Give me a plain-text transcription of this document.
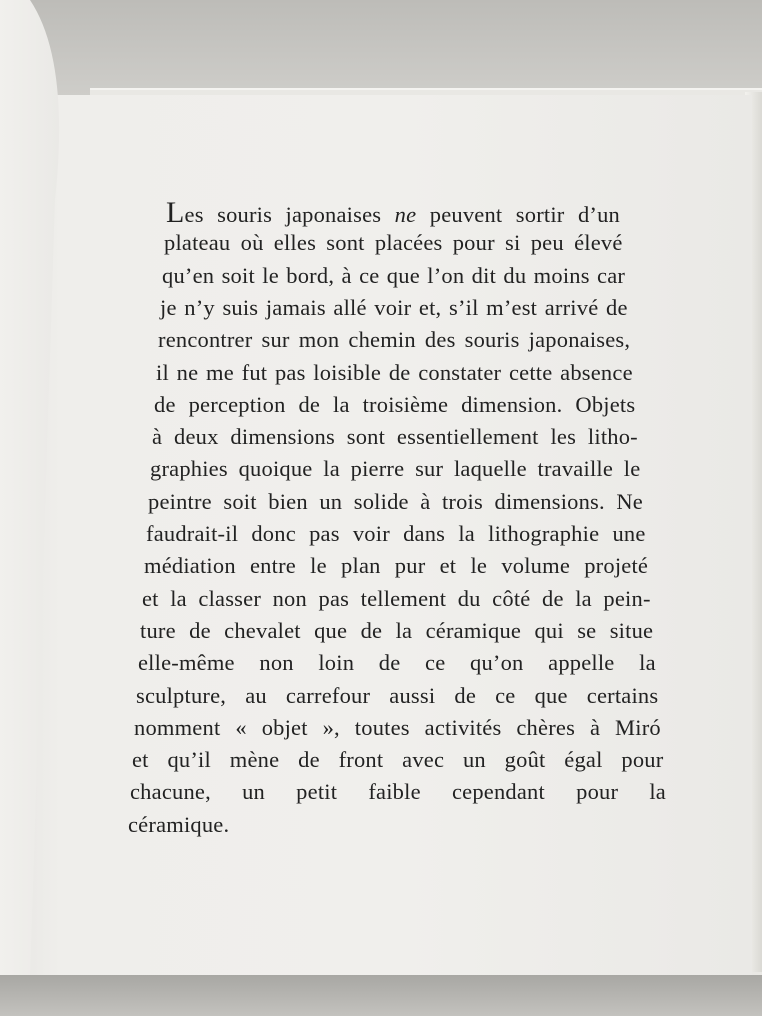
Les souris japonaises ne peuvent sortir d’un
plateau où elles sont placées pour si peu élevé
qu’en soit le bord, à ce que l’on dit du moins car
je n’y suis jamais allé voir et, s’il m’est arrivé de
rencontrer sur mon chemin des souris japonaises,
il ne me fut pas loisible de constater cette absence
de perception de la troisième dimension. Objets
à deux dimensions sont essentiellement les litho-
graphies quoique la pierre sur laquelle travaille le
peintre soit bien un solide à trois dimensions. Ne
faudrait-il donc pas voir dans la lithographie une
médiation entre le plan pur et le volume projeté
et la classer non pas tellement du côté de la pein-
ture de chevalet que de la céramique qui se situe
elle-même non loin de ce qu’on appelle la
sculpture, au carrefour aussi de ce que certains
nomment « objet », toutes activités chères à Miró
et qu’il mène de front avec un goût égal pour
chacune, un petit faible cependant pour la
céramique.
